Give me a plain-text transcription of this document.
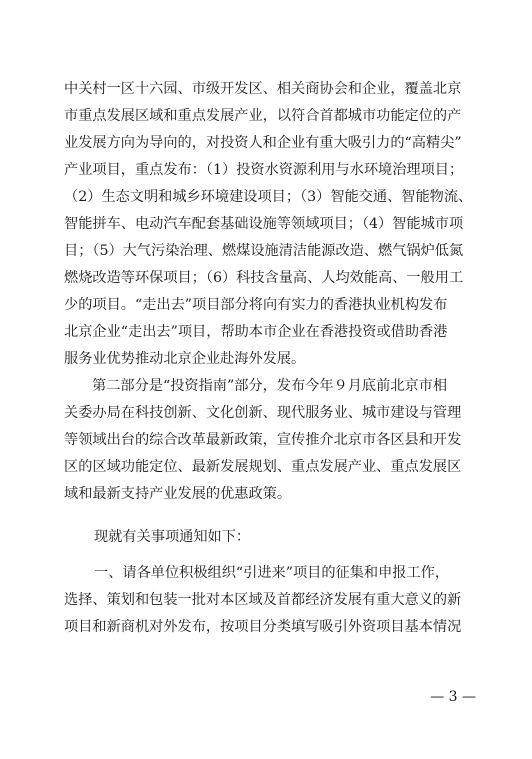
中关村一区十六园、市级开发区、相关商协会和企业，覆盖北京
市重点发展区域和重点发展产业，以符合首都城市功能定位的产
业发展方向为导向的，对投资人和企业有重大吸引力的“高精尖”
产业项目，重点发布：（1）投资水资源利用与水环境治理项目；
（2）生态文明和城乡环境建设项目；（3）智能交通、智能物流、
智能拼车、电动汽车配套基础设施等领域项目；（4）智能城市项
目；（5）大气污染治理、燃煤设施清洁能源改造、燃气锅炉低氮
燃烧改造等环保项目；（6）科技含量高、人均效能高、一般用工
少的项目。“走出去”项目部分将向有实力的香港执业机构发布
北京企业“走出去”项目，帮助本市企业在香港投资或借助香港
服务业优势推动北京企业赴海外发展。
第二部分是“投资指南”部分，发布今年９月底前北京市相
关委办局在科技创新、文化创新、现代服务业、城市建设与管理
等领域出台的综合改革最新政策，宣传推介北京市各区县和开发
区的区域功能定位、最新发展规划、重点发展产业、重点发展区
域和最新支持产业发展的优惠政策。
现就有关事项通知如下：
一、请各单位积极组织“引进来”项目的征集和申报工作，
选择、策划和包装一批对本区域及首都经济发展有重大意义的新
项目和新商机对外发布，按项目分类填写吸引外资项目基本情况
— 3 —
